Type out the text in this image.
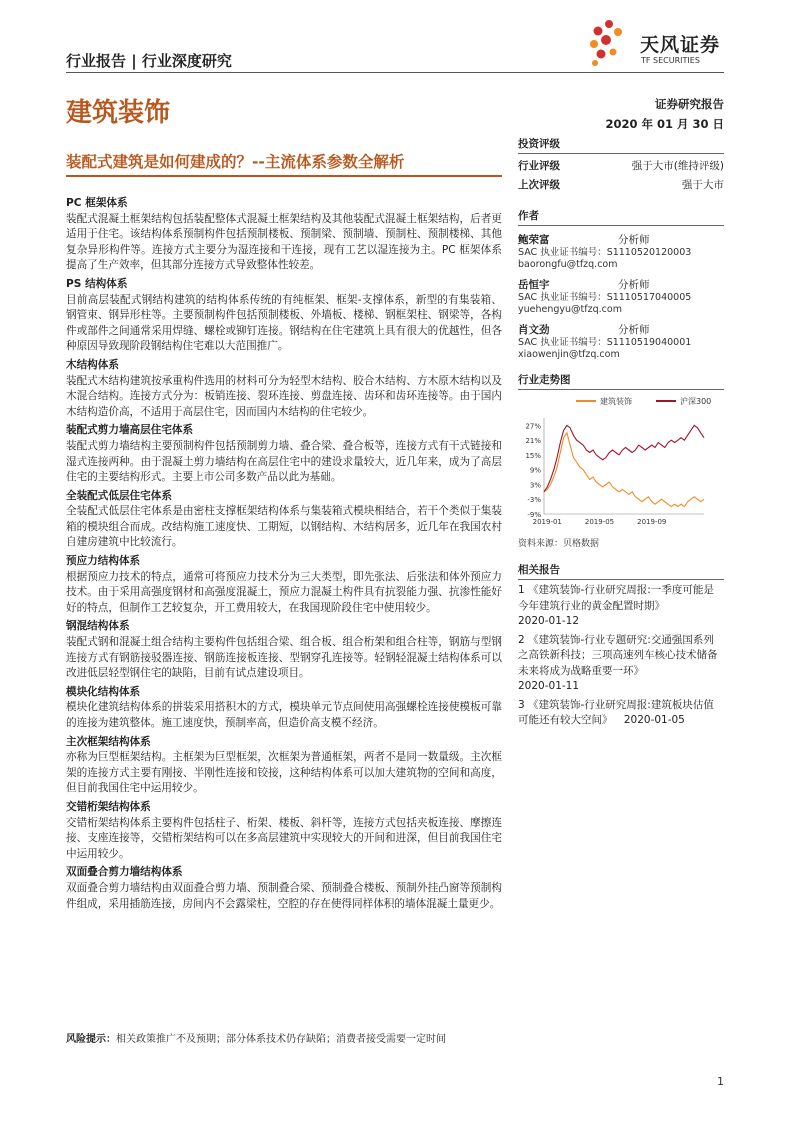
行业报告 | 行业深度研究
天风证券
TF SECURITIES
建筑装饰	证券研究报告
2020 年 01 月 30 日
装配式建筑是如何建成的？--主流体系参数全解析
PC 框架体系

装配式混凝土框架结构包括装配整体式混凝土框架结构及其他装配式混凝土框架结构，后者更适用于住宅。该结构体系预制构件包括预制楼板、预制梁、预制墙、预制柱、预制楼梯、其他复杂异形构件等。连接方式主要分为湿连接和干连接，现有工艺以湿连接为主。PC 框架体系提高了生产效率，但其部分连接方式导致整体性较差。

PS 结构体系

目前高层装配式钢结构建筑的结构体系传统的有纯框架、框架-支撑体系，新型的有集装箱、钢管束、钢异形柱等。主要预制构件包括预制楼板、外墙板、楼梯、钢框架柱、钢梁等，各构件或部件之间通常采用焊缝、螺栓或铆钉连接。钢结构在住宅建筑上具有很大的优越性，但各种原因导致现阶段钢结构住宅难以大范围推广。

木结构体系

装配式木结构建筑按承重构件选用的材料可分为轻型木结构、胶合木结构、方木原木结构以及木混合结构。连接方式分为：板销连接、裂环连接、剪盘连接、齿环和齿环连接等。由于国内木结构造价高，不适用于高层住宅，因而国内木结构的住宅较少。

装配式剪力墙高层住宅体系

装配式剪力墙结构主要预制构件包括预制剪力墙、叠合梁、叠合板等，连接方式有干式链接和湿式连接两种。由于混凝土剪力墙结构在高层住宅中的建设求量较大，近几年来，成为了高层住宅的主要结构形式。主要上市公司多数产品以此为基础。

全装配式低层住宅体系

全装配式低层住宅体系是由密柱支撑框架结构体系与集装箱式模块相结合，若干个类似于集装箱的模块组合而成。改结构施工速度快、工期短，以钢结构、木结构居多，近几年在我国农村自建房建筑中比较流行。

预应力结构体系

根据预应力技术的特点，通常可将预应力技术分为三大类型，即先张法、后张法和体外预应力技术。由于采用高强度钢材和高强度混凝土，预应力混凝土构件具有抗裂能力强、抗渗性能好好的特点，但制作工艺较复杂，开工费用较大，在我国现阶段住宅中使用较少。

钢混结构体系

装配式钢和混凝土组合结构主要构件包括组合梁、组合板、组合桁架和组合柱等，钢筋与型钢连接方式有钢筋接驳器连接、钢筋连接板连接、型钢穿孔连接等。轻钢轻混凝土结构体系可以改进低层轻型钢住宅的缺陷，目前有试点建设项目。

模块化结构体系

模块化建筑结构体系的拼装采用搭积木的方式，模块单元节点间使用高强螺栓连接使模板可靠的连接为建筑整体。施工速度快，预制率高，但造价高支模不经济。

主次框架结构体系

亦称为巨型框架结构。主框架为巨型框架，次框架为普通框架，两者不是同一数量级。主次框架的连接方式主要有刚接、半刚性连接和铰接，这种结构体系可以加大建筑物的空间和高度，但目前我国住宅中运用较少。

交错桁架结构体系

交错桁架结构体系主要构件包括柱子、桁架、楼板、斜杆等，连接方式包括夹板连接、摩擦连接、支座连接等，交错桁架结构可以在多高层建筑中实现较大的开间和进深，但目前我国住宅中运用较少。

双面叠合剪力墙结构体系

双面叠合剪力墙结构由双面叠合剪力墙、预制叠合梁、预制叠合楼板、预制外挂凸窗等预制构件组成，采用插筋连接，房间内不会露梁柱，空腔的存在使得同样体积的墙体混凝土量更少。

风险提示：相关政策推广不及预期；部分体系技术仍存缺陷；消费者接受需要一定时间
投资评级
行业评级	强于大市(维持评级)
上次评级	强于大市
作者
鲍荣富	分析师
SAC 执业证书编号：S1110520120003
baorongfu@tfzq.com
岳恒宇	分析师
SAC 执业证书编号：S1110517040005
yuehengyu@tfzq.com
肖文劲	分析师
SAC 执业证书编号：S1110519040001
xiaowenjin@tfzq.com
行业走势图
建筑装饰	沪深300
27%
21%
15%
9%
3%
-3%
-9%
2019-01	2019-05	2019-09
资料来源：贝格数据
相关报告
1 《建筑装饰-行业研究周报:一季度可能是今年建筑行业的黄金配置时期》
2020-01-12
2 《建筑装饰-行业专题研究:交通强国系列之高铁新科技；三项高速列车核心技术储备未来将成为战略重要一环》
2020-01-11
3 《建筑装饰-行业研究周报:建筑板块估值可能还有较大空间》 2020-01-05
1
